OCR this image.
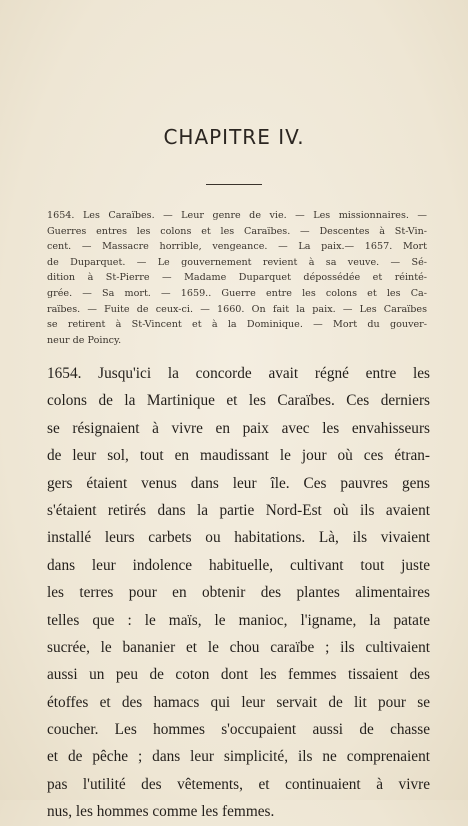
CHAPITRE IV.
1654. Les Caraïbes. — Leur genre de vie. — Les missionnaires. —
Guerres entres les colons et les Caraïbes. — Descentes à St-Vin-
cent. — Massacre horrible, vengeance. — La paix.— 1657. Mort
de Duparquet. — Le gouvernement revient à sa veuve. — Sé-
dition à St-Pierre — Madame Duparquet dépossédée et réinté-
grée. — Sa mort. — 1659.. Guerre entre les colons et les Ca-
raïbes. — Fuite de ceux-ci. — 1660. On fait la paix. — Les Caraïbes
se retirent à St-Vincent et à la Dominique. — Mort du gouver-
neur de Poincy.
1654. Jusqu'ici la concorde avait régné entre les
colons de la Martinique et les Caraïbes. Ces derniers
se résignaient à vivre en paix avec les envahisseurs
de leur sol, tout en maudissant le jour où ces étran-
gers étaient venus dans leur île. Ces pauvres gens
s'étaient retirés dans la partie Nord-Est où ils avaient
installé leurs carbets ou habitations. Là, ils vivaient
dans leur indolence habituelle, cultivant tout juste
les terres pour en obtenir des plantes alimentaires
telles que : le maïs, le manioc, l'igname, la patate
sucrée, le bananier et le chou caraïbe ; ils cultivaient
aussi un peu de coton dont les femmes tissaient des
étoffes et des hamacs qui leur servait de lit pour se
coucher. Les hommes s'occupaient aussi de chasse
et de pêche ; dans leur simplicité, ils ne comprenaient
pas l'utilité des vêtements, et continuaient à vivre
nus, les hommes comme les femmes.
